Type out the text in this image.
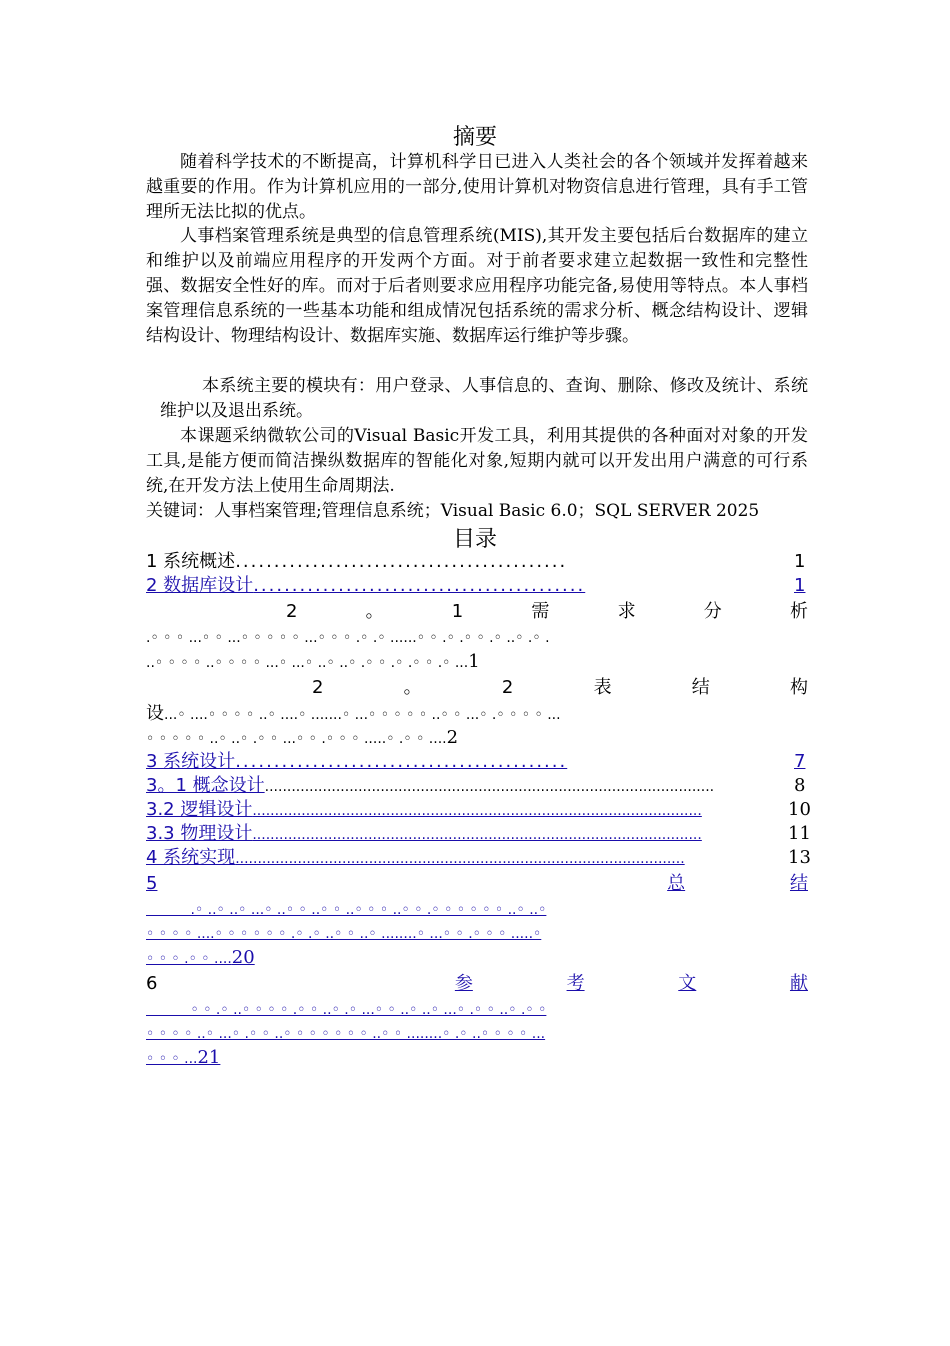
摘要
随着科学技术的不断提高，计算机科学日已进入人类社会的各个领域并发挥着越来越重要的作用。作为计算机应用的一部分,使用计算机对物资信息进行管理，具有手工管理所无法比拟的优点。
人事档案管理系统是典型的信息管理系统(MIS),其开发主要包括后台数据库的建立和维护以及前端应用程序的开发两个方面。对于前者要求建立起数据一致性和完整性强、数据安全性好的库。而对于后者则要求应用程序功能完备,易使用等特点。本人事档案管理信息系统的一些基本功能和组成情况包括系统的需求分析、概念结构设计、逻辑结构设计、物理结构设计、数据库实施、数据库运行维护等步骤。
本系统主要的模块有：用户登录、人事信息的、查询、删除、修改及统计、系统维护以及退出系统。
本课题采纳微软公司的Visual Basic开发工具，利用其提供的各种面对对象的开发工具,是能方便而简洁操纵数据库的智能化对象,短期内就可以开发出用户满意的可行系统,在开发方法上使用生命周期法.
关键词：人事档案管理;管理信息系统；Visual Basic 6.0；SQL SERVER 2025
目录
1 系统概述...........................................	1
2 数据库设计...........................................	1
2	。	1	需	求	分	析
.◦ ◦ ◦ ...◦ ◦ ...◦ ◦ ◦ ◦ ◦ ...◦ ◦ ◦ .◦ .◦ ......◦ ◦ .◦ .◦ ◦ .◦ ..◦ .◦ .
..◦ ◦ ◦ ◦ ..◦ ◦ ◦ ◦ ...◦ ...◦ ..◦ ..◦ .◦ ◦ .◦ .◦ ◦ .◦ ...1
2	。	2	表	结	构
设...◦ ....◦ ◦ ◦ ◦ ..◦ ....◦ .......◦ ...◦ ◦ ◦ ◦ ◦ ..◦ ◦ ...◦ .◦ ◦ ◦ ◦ ...
◦ ◦ ◦ ◦ ◦ ..◦ ..◦ .◦ ◦ ...◦ ◦ .◦ ◦ ◦ .....◦ .◦ ◦ ....2
3 系统设计...........................................	7
3。1 概念设计.....................................................................................................	8
3.2 逻辑设计.....................................................................................................	10
3.3 物理设计.....................................................................................................	11
4 系统实现.....................................................................................................	13
5	总	结
.◦ ..◦ ..◦ ...◦ ..◦ ◦ ..◦ ◦ ..◦ ◦ ◦ ..◦ ◦ .◦ ◦ ◦ ◦ ◦ ◦ ..◦ ..◦
◦ ◦ ◦ ◦ ....◦ ◦ ◦ ◦ ◦ ◦ .◦ .◦ ..◦ ◦ ..◦ ........◦ ...◦ ◦ .◦ ◦ ◦ .....◦
◦ ◦ ◦ .◦ ◦ ....20
6	参	考	文	献
◦ ◦ .◦ ..◦ ◦ ◦ ◦ .◦ ◦ ..◦ .◦ ...◦ ◦ ..◦ ..◦ ...◦ .◦ ◦ ..◦ .◦ ◦
◦ ◦ ◦ ◦ ..◦ ...◦ .◦ ◦ ..◦ ◦ ◦ ◦ ◦ ◦ ◦ ..◦ ◦ ........◦ .◦ ..◦ ◦ ◦ ◦ ...
◦ ◦ ◦ ...21
